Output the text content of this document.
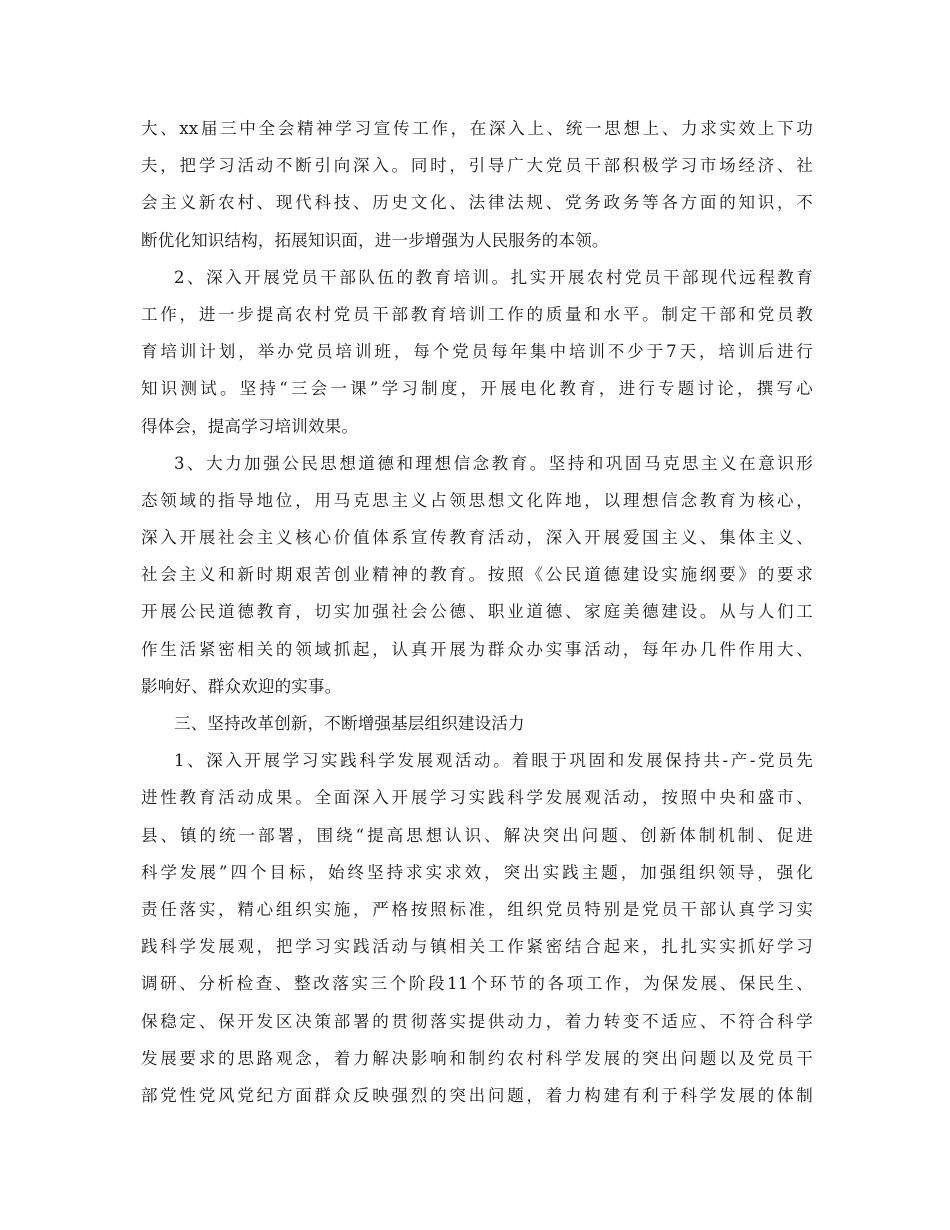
大、xx届三中全会精神学习宣传工作，在深入上、统一思想上、力求实效上下功
夫，把学习活动不断引向深入。同时，引导广大党员干部积极学习市场经济、社
会主义新农村、现代科技、历史文化、法律法规、党务政务等各方面的知识，不
断优化知识结构，拓展知识面，进一步增强为人民服务的本领。
2、深入开展党员干部队伍的教育培训。扎实开展农村党员干部现代远程教育
工作，进一步提高农村党员干部教育培训工作的质量和水平。制定干部和党员教
育培训计划，举办党员培训班，每个党员每年集中培训不少于7天，培训后进行
知识测试。坚持“三会一课”学习制度，开展电化教育，进行专题讨论，撰写心
得体会，提高学习培训效果。
3、大力加强公民思想道德和理想信念教育。坚持和巩固马克思主义在意识形
态领域的指导地位，用马克思主义占领思想文化阵地，以理想信念教育为核心，
深入开展社会主义核心价值体系宣传教育活动，深入开展爱国主义、集体主义、
社会主义和新时期艰苦创业精神的教育。按照《公民道德建设实施纲要》的要求
开展公民道德教育，切实加强社会公德、职业道德、家庭美德建设。从与人们工
作生活紧密相关的领域抓起，认真开展为群众办实事活动，每年办几件作用大、
影响好、群众欢迎的实事。
三、坚持改革创新，不断增强基层组织建设活力
1、深入开展学习实践科学发展观活动。着眼于巩固和发展保持共-产-党员先
进性教育活动成果。全面深入开展学习实践科学发展观活动，按照中央和盛市、
县、镇的统一部署，围绕“提高思想认识、解决突出问题、创新体制机制、促进
科学发展”四个目标，始终坚持求实求效，突出实践主题，加强组织领导，强化
责任落实，精心组织实施，严格按照标准，组织党员特别是党员干部认真学习实
践科学发展观，把学习实践活动与镇相关工作紧密结合起来，扎扎实实抓好学习
调研、分析检查、整改落实三个阶段11个环节的各项工作，为保发展、保民生、
保稳定、保开发区决策部署的贯彻落实提供动力，着力转变不适应、不符合科学
发展要求的思路观念，着力解决影响和制约农村科学发展的突出问题以及党员干
部党性党风党纪方面群众反映强烈的突出问题，着力构建有利于科学发展的体制
